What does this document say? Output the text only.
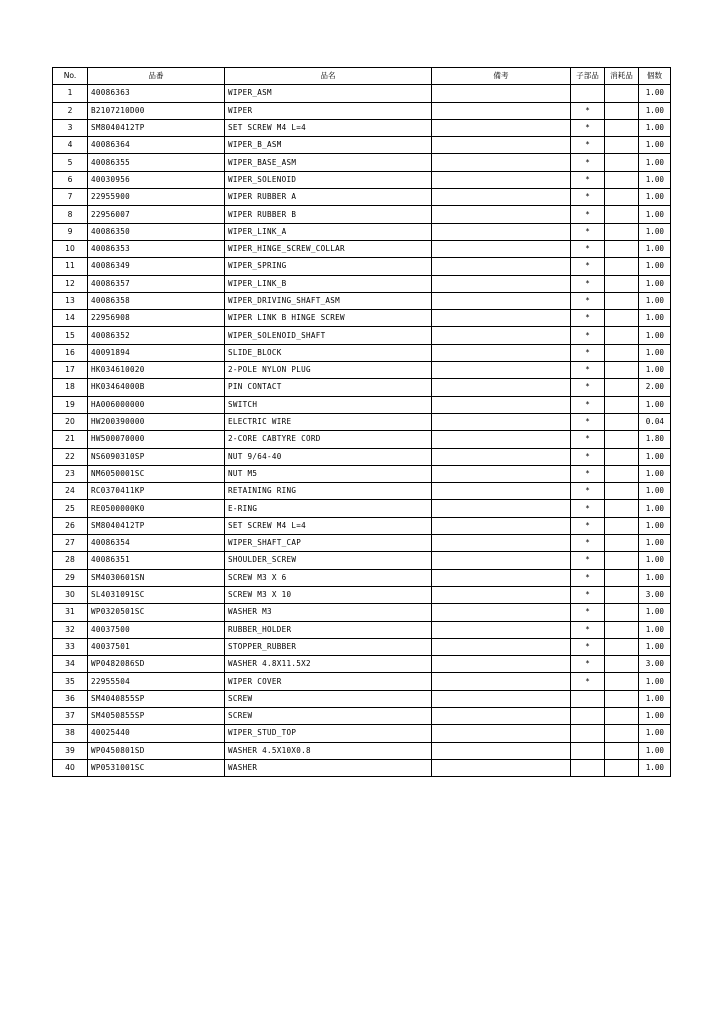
No.	品番	品名	備考	子部品	消耗品	個数
1	40086363	WIPER_ASM				1.00
2	B2107210D00	WIPER		*		1.00
3	SM8040412TP	SET SCREW M4 L=4		*		1.00
4	40086364	WIPER_B_ASM		*		1.00
5	40086355	WIPER_BASE_ASM		*		1.00
6	40030956	WIPER_SOLENOID		*		1.00
7	22955900	WIPER RUBBER A		*		1.00
8	22956007	WIPER RUBBER B		*		1.00
9	40086350	WIPER_LINK_A		*		1.00
10	40086353	WIPER_HINGE_SCREW_COLLAR		*		1.00
11	40086349	WIPER_SPRING		*		1.00
12	40086357	WIPER_LINK_B		*		1.00
13	40086358	WIPER_DRIVING_SHAFT_ASM		*		1.00
14	22956908	WIPER LINK B HINGE SCREW		*		1.00
15	40086352	WIPER_SOLENOID_SHAFT		*		1.00
16	40091894	SLIDE_BLOCK		*		1.00
17	HK034610020	2-POLE NYLON PLUG		*		1.00
18	HK03464000B	PIN CONTACT		*		2.00
19	HA006000000	SWITCH		*		1.00
20	HW200390000	ELECTRIC WIRE		*		0.04
21	HW500070000	2-CORE CABTYRE CORD		*		1.80
22	NS6090310SP	NUT 9/64-40		*		1.00
23	NM6050001SC	NUT M5		*		1.00
24	RC0370411KP	RETAINING RING		*		1.00
25	RE0500000K0	E-RING		*		1.00
26	SM8040412TP	SET SCREW M4 L=4		*		1.00
27	40086354	WIPER_SHAFT_CAP		*		1.00
28	40086351	SHOULDER_SCREW		*		1.00
29	SM4030601SN	SCREW M3 X 6		*		1.00
30	SL4031091SC	SCREW M3 X 10		*		3.00
31	WP0320501SC	WASHER M3		*		1.00
32	40037500	RUBBER_HOLDER		*		1.00
33	40037501	STOPPER_RUBBER		*		1.00
34	WP0482086SD	WASHER 4.8X11.5X2		*		3.00
35	22955504	WIPER COVER		*		1.00
36	SM4040855SP	SCREW				1.00
37	SM4050855SP	SCREW				1.00
38	40025440	WIPER_STUD_TOP				1.00
39	WP0450801SD	WASHER 4.5X10X0.8				1.00
40	WP0531001SC	WASHER				1.00
